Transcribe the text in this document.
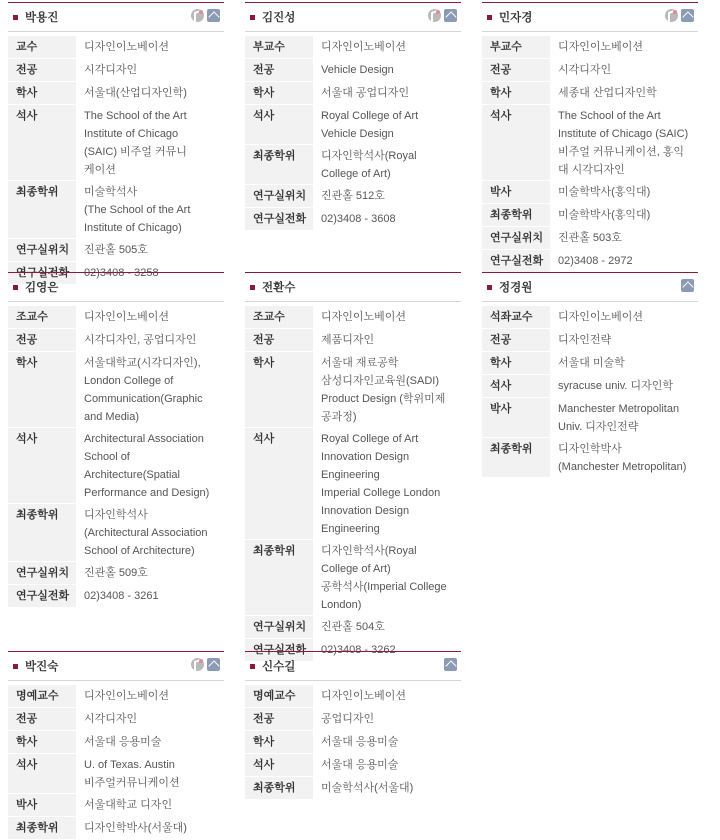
박용진
교수	디자인이노베이션
전공	시각디자인
학사	서울대(산업디자인학)
석사	The School of the Art
Institute of Chicago
(SAIC) 비주얼 커뮤니
케이션
최종학위	미술학석사
(The School of the Art
Institute of Chicago)
연구실위치	진관홀 505호
연구실전화	02)3408 - 3258
김진성
부교수	디자인이노베이션
전공	Vehicle Design
학사	서울대 공업디자인
석사	Royal College of Art
Vehicle Design
최종학위	디자인학석사(Royal
College of Art)
연구실위치	진관홀 512호
연구실전화	02)3408 - 3608
민자경
부교수	디자인이노베이션
전공	시각디자인
학사	세종대 산업디자인학
석사	The School of the Art
Institute of Chicago (SAIC)
비주얼 커뮤니케이션, 홍익
대 시각디자인
박사	미술학박사(홍익대)
최종학위	미술학박사(홍익대)
연구실위치	진관홀 503호
연구실전화	02)3408 - 2972
김영은
조교수	디자인이노베이션
전공	시각디자인, 공업디자인
학사	서울대학교(시각디자인),
London College of
Communication(Graphic
and Media)
석사	Architectural Association
School of
Architecture(Spatial
Performance and Design)
최종학위	디자인학석사
(Architectural Association
School of Architecture)
연구실위치	진관홀 509호
연구실전화	02)3408 - 3261
전환수
조교수	디자인이노베이션
전공	제품디자인
학사	서울대 재료공학
삼성디자인교육원(SADI)
Product Design (학위미제
공과정)
석사	Royal College of Art
Innovation Design
Engineering
Imperial College London
Innovation Design
Engineering
최종학위	디자인학석사(Royal
College of Art)
공학석사(Imperial College
London)
연구실위치	진관홀 504호
연구실전화	02)3408 - 3262
정경원
석좌교수	디자인이노베이션
전공	디자인전략
학사	서울대 미술학
석사	syracuse univ. 디자인학
박사	Manchester Metropolitan
Univ. 디자인전략
최종학위	디자인학박사
(Manchester Metropolitan)
박진숙
명예교수	디자인이노베이션
전공	시각디자인
학사	서울대 응용미술
석사	U. of Texas. Austin
비주얼커뮤니케이션
박사	서울대학교 디자인
최종학위	디자인학박사(서울대)
신수길
명예교수	디자인이노베이션
전공	공업디자인
학사	서울대 응용미술
석사	서울대 응용미술
최종학위	미술학석사(서울대)
